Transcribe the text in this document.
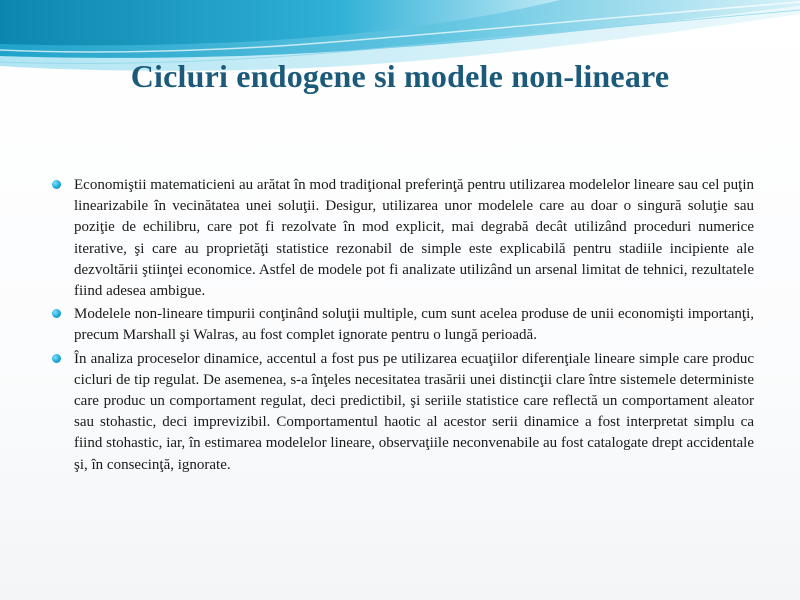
Cicluri endogene si modele non-lineare
Economiştii matematicieni au arătat în mod tradiţional preferinţă pentru utilizarea modelelor lineare sau cel puţin linearizabile în vecinătatea unei soluţii. Desigur, utilizarea unor modelele care au doar o singură soluţie sau poziţie de echilibru, care pot fi rezolvate în mod explicit, mai degrabă decât utilizând proceduri numerice iterative, şi care au proprietăţi statistice rezonabil de simple este explicabilă pentru stadiile incipiente ale dezvoltării ştiinţei economice. Astfel de modele pot fi analizate utilizând un arsenal limitat de tehnici, rezultatele fiind adesea ambigue.
Modelele non-lineare timpurii conţinând soluţii multiple, cum sunt acelea produse de unii economişti importanţi, precum Marshall şi Walras, au fost complet ignorate pentru o lungă perioadă.
În analiza proceselor dinamice, accentul a fost pus pe utilizarea ecuaţiilor diferenţiale lineare simple care produc cicluri de tip regulat. De asemenea, s-a înţeles necesitatea trasării unei distincţii clare între sistemele deterministe care produc un comportament regulat, deci predictibil, şi seriile statistice care reflectă un comportament aleator sau stohastic, deci imprevizibil. Comportamentul haotic al acestor serii dinamice a fost interpretat simplu ca fiind stohastic, iar, în estimarea modelelor lineare, observaţiile neconvenabile au fost catalogate drept accidentale şi, în consecinţă, ignorate.
